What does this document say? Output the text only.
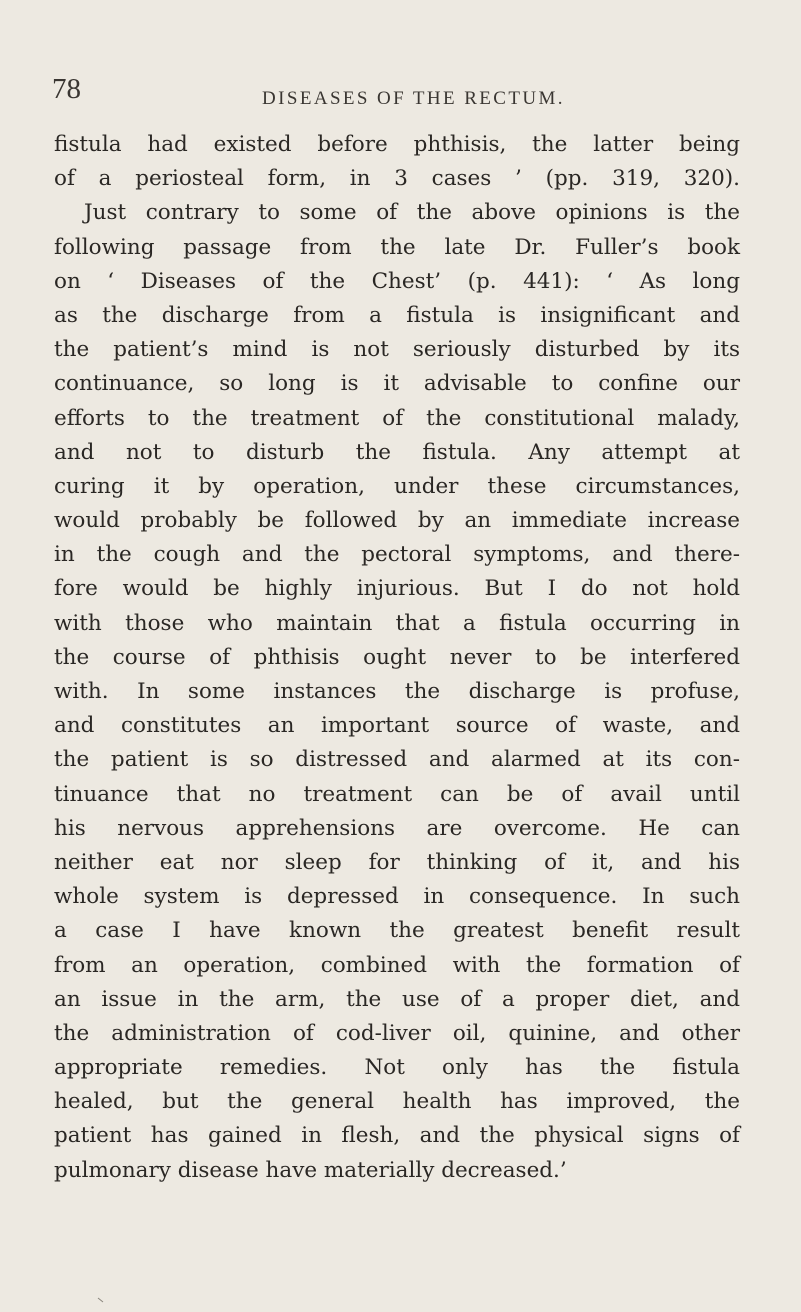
78	DISEASES OF THE RECTUM.
fistula had existed before phthisis, the latter being
of a periosteal form, in 3 cases ’ (pp. 319, 320).
Just contrary to some of the above opinions is the
following passage from the late Dr. Fuller’s book
on ‘ Diseases of the Chest’ (p. 441): ‘ As long
as the discharge from a fistula is insignificant and
the patient’s mind is not seriously disturbed by its
continuance, so long is it advisable to confine our
efforts to the treatment of the constitutional malady,
and not to disturb the fistula. Any attempt at
curing it by operation, under these circumstances,
would probably be followed by an immediate increase
in the cough and the pectoral symptoms, and there-
fore would be highly injurious. But I do not hold
with those who maintain that a fistula occurring in
the course of phthisis ought never to be interfered
with. In some instances the discharge is profuse,
and constitutes an important source of waste, and
the patient is so distressed and alarmed at its con-
tinuance that no treatment can be of avail until
his nervous apprehensions are overcome. He can
neither eat nor sleep for thinking of it, and his
whole system is depressed in consequence. In such
a case I have known the greatest benefit result
from an operation, combined with the formation of
an issue in the arm, the use of a proper diet, and
the administration of cod-liver oil, quinine, and other
appropriate remedies. Not only has the fistula
healed, but the general health has improved, the
patient has gained in flesh, and the physical signs of
pulmonary disease have materially decreased.’
